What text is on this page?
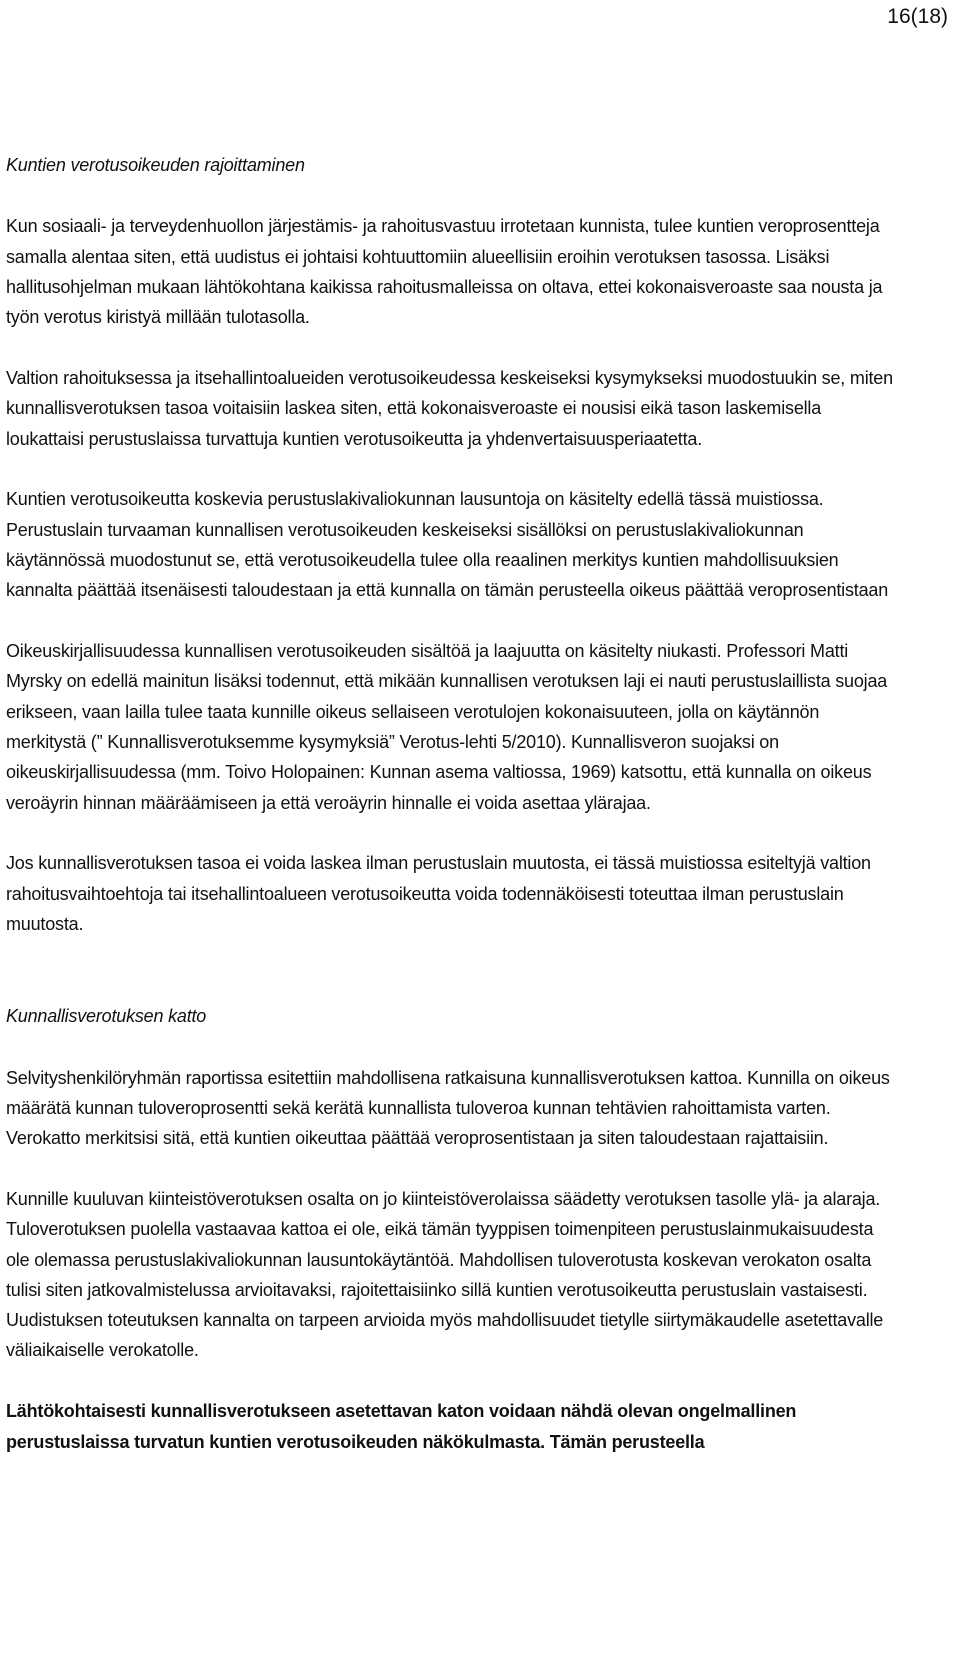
16(18)

Kuntien verotusoikeuden rajoittaminen

Kun sosiaali- ja terveydenhuollon järjestämis- ja rahoitusvastuu irrotetaan kunnista, tulee kuntien veroprosentteja samalla alentaa siten, että uudistus ei johtaisi kohtuuttomiin alueellisiin eroihin verotuksen tasossa. Lisäksi hallitusohjelman mukaan lähtökohtana kaikissa rahoitusmalleissa on oltava, ettei kokonaisveroaste saa nousta ja työn verotus kiristyä millään tulotasolla.

Valtion rahoituksessa ja itsehallintoalueiden verotusoikeudessa keskeiseksi kysymykseksi muodostuukin se, miten kunnallisverotuksen tasoa voitaisiin laskea siten, että kokonaisveroaste ei nousisi eikä tason laskemisella loukattaisi perustuslaissa turvattuja kuntien verotusoikeutta ja yhdenvertaisuusperiaatetta.

Kuntien verotusoikeutta koskevia perustuslakivaliokunnan lausuntoja on käsitelty edellä tässä muistiossa. Perustuslain turvaaman kunnallisen verotusoikeuden keskeiseksi sisällöksi on perustuslakivaliokunnan käytännössä muodostunut se, että verotusoikeudella tulee olla reaalinen merkitys kuntien mahdollisuuksien kannalta päättää itsenäisesti taloudestaan ja että kunnalla on tämän perusteella oikeus päättää veroprosentistaan

Oikeuskirjallisuudessa kunnallisen verotusoikeuden sisältöä ja laajuutta on käsitelty niukasti. Professori Matti Myrsky on edellä mainitun lisäksi todennut, että mikään kunnallisen verotuksen laji ei nauti perustuslaillista suojaa erikseen, vaan lailla tulee taata kunnille oikeus sellaiseen verotulojen kokonaisuuteen, jolla on käytännön merkitystä (” Kunnallisverotuksemme kysymyksiä” Verotus-lehti 5/2010). Kunnallisveron suojaksi on oikeuskirjallisuudessa (mm. Toivo Holopainen: Kunnan asema valtiossa, 1969) katsottu, että kunnalla on oikeus veroäyrin hinnan määräämiseen ja että veroäyrin hinnalle ei voida asettaa ylärajaa.

Jos kunnallisverotuksen tasoa ei voida laskea ilman perustuslain muutosta, ei tässä muistiossa esiteltyjä valtion rahoitusvaihtoehtoja tai itsehallintoalueen verotusoikeutta voida todennäköisesti toteuttaa ilman perustuslain muutosta.

Kunnallisverotuksen katto

Selvityshenkilöryhmän raportissa esitettiin mahdollisena ratkaisuna kunnallisverotuksen kattoa. Kunnilla on oikeus määrätä kunnan tuloveroprosentti sekä kerätä kunnallista tuloveroa kunnan tehtävien rahoittamista varten. Verokatto merkitsisi sitä, että kuntien oikeuttaa päättää veroprosentistaan ja siten taloudestaan rajattaisiin.

Kunnille kuuluvan kiinteistöverotuksen osalta on jo kiinteistöverolaissa säädetty verotuksen tasolle ylä- ja alaraja. Tuloverotuksen puolella vastaavaa kattoa ei ole, eikä tämän tyyppisen toimenpiteen perustuslainmukaisuudesta ole olemassa perustuslakivaliokunnan lausuntokäytäntöä. Mahdollisen tuloverotusta koskevan verokaton osalta tulisi siten jatkovalmistelussa arvioitavaksi, rajoitettaisiinko sillä kuntien verotusoikeutta perustuslain vastaisesti. Uudistuksen toteutuksen kannalta on tarpeen arvioida myös mahdollisuudet tietylle siirtymäkaudelle asetettavalle väliaikaiselle verokatolle.

Lähtökohtaisesti kunnallisverotukseen asetettavan katon voidaan nähdä olevan ongelmallinen perustuslaissa turvatun kuntien verotusoikeuden näkökulmasta. Tämän perusteella
